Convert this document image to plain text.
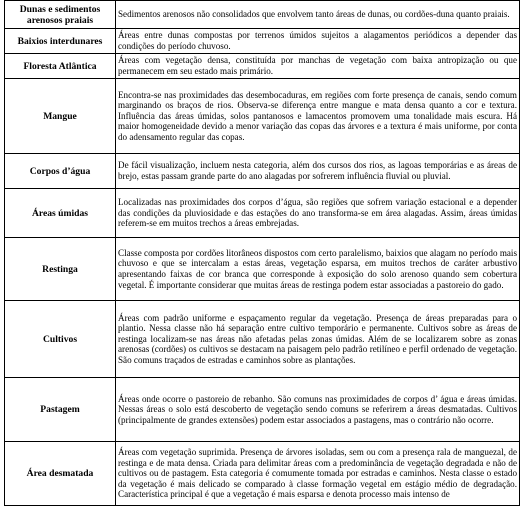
Dunas e sedimentos arenosos praiais	Sedimentos arenosos não consolidados que envolvem tanto áreas de dunas, ou cordões-duna quanto praiais.

Baixios interdunares	Áreas entre dunas compostas por terrenos úmidos sujeitos a alagamentos periódicos a depender das condições do período chuvoso.

Floresta Atlântica	Áreas com vegetação densa, constituída por manchas de vegetação com baixa antropização ou que permanecem em seu estado mais primário.

Mangue	Encontra-se nas proximidades das desembocaduras, em regiões com forte presença de canais, sendo comum marginando os braços de rios. Observa-se diferença entre mangue e mata densa quanto a cor e textura. Influência das áreas úmidas, solos pantanosos e lamacentos promovem uma tonalidade mais escura. Há maior homogeneidade devido a menor variação das copas das árvores e a textura é mais uniforme, por conta do adensamento regular das copas.

Corpos d’água	De fácil visualização, incluem nesta categoria, além dos cursos dos rios, as lagoas temporárias e as áreas de brejo, estas passam grande parte do ano alagadas por sofrerem influência fluvial ou pluvial.

Áreas úmidas	Localizadas nas proximidades dos corpos d’água, são regiões que sofrem variação estacional e a depender das condições da pluviosidade e das estações do ano transforma-se em área alagadas. Assim, áreas úmidas referem-se em muitos trechos a áreas embrejadas.

Restinga	Classe composta por cordões litorâneos dispostos com certo paralelismo, baixios que alagam no período mais chuvoso e que se intercalam a estas áreas, vegetação esparsa, em muitos trechos de caráter arbustivo apresentando faixas de cor branca que corresponde à exposição do solo arenoso quando sem cobertura vegetal. É importante considerar que muitas áreas de restinga podem estar associadas a pastoreio do gado.

Cultivos	Áreas com padrão uniforme e espaçamento regular da vegetação. Presença de áreas preparadas para o plantio. Nessa classe não há separação entre cultivo temporário e permanente. Cultivos sobre as áreas de restinga localizam-se nas áreas não afetadas pelas zonas úmidas. Além de se localizarem sobre as zonas arenosas (cordões) os cultivos se destacam na paisagem pelo padrão retilíneo e perfil ordenado de vegetação. São comuns traçados de estradas e caminhos sobre as plantações.

Pastagem	Áreas onde ocorre o pastoreio de rebanho. São comuns nas proximidades de corpos d’ água e áreas úmidas. Nessas áreas o solo está descoberto de vegetação sendo comuns se referirem a áreas desmatadas. Cultivos (principalmente de grandes extensões) podem estar associados a pastagens, mas o contrário não ocorre.

Área desmatada	Áreas com vegetação suprimida. Presença de árvores isoladas, sem ou com a presença rala de manguezal, de restinga e de mata densa. Criada para delimitar áreas com a predominância de vegetação degradada e não de cultivos ou de pastagem. Esta categoria é comumente tomada por estradas e caminhos. Nesta classe o estado da vegetação é mais delicado se comparado à classe formação vegetal em estágio médio de degradação. Característica principal é que a vegetação é mais esparsa e denota processo mais intenso de
